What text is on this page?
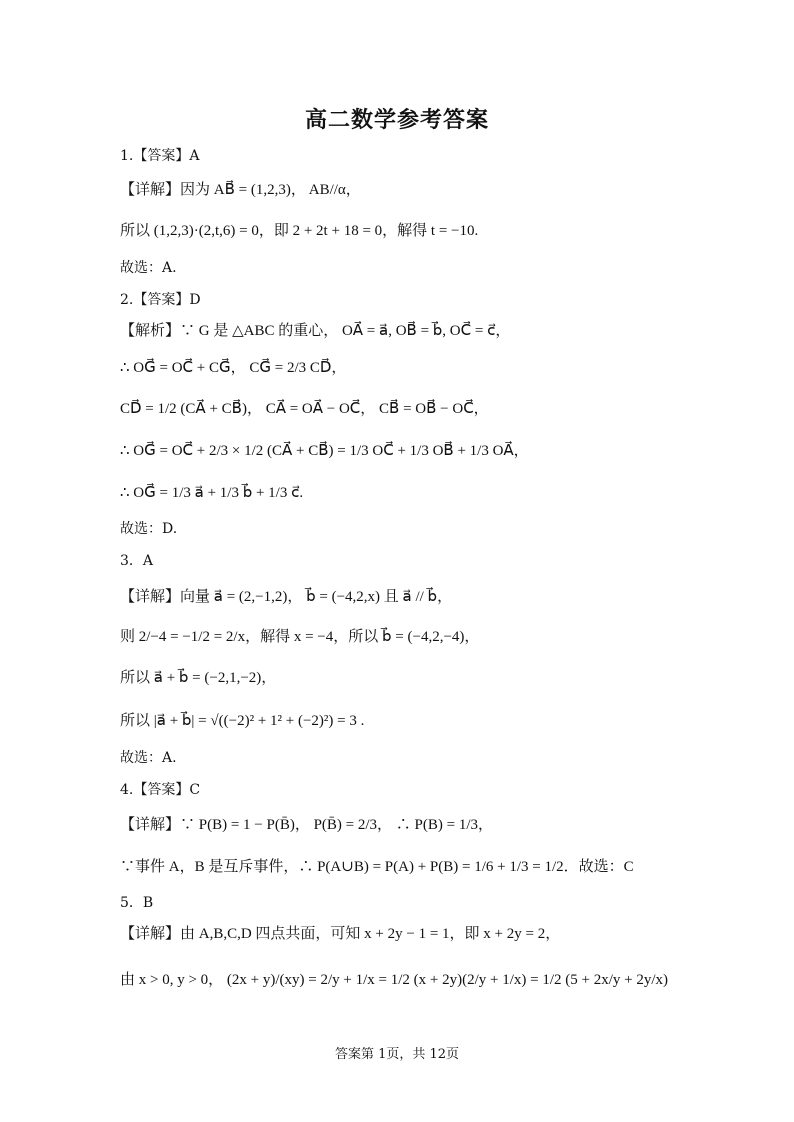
高二数学参考答案
1.【答案】A
【详解】因为 AB⃗ = (1,2,3)， AB//α，
所以 (1,2,3)·(2,t,6) = 0，即 2 + 2t + 18 = 0，解得 t = −10.
故选：A.
2.【答案】D
【解析】∵ G 是 △ABC 的重心， OA⃗ = a⃗, OB⃗ = b⃗, OC⃗ = c⃗，
∴ OG⃗ = OC⃗ + CG⃗， CG⃗ = 2/3 CD⃗，
CD⃗ = 1/2 (CA⃗ + CB⃗)， CA⃗ = OA⃗ − OC⃗， CB⃗ = OB⃗ − OC⃗，
∴ OG⃗ = OC⃗ + 2/3 × 1/2 (CA⃗ + CB⃗) = 1/3 OC⃗ + 1/3 OB⃗ + 1/3 OA⃗，
∴ OG⃗ = 1/3 a⃗ + 1/3 b⃗ + 1/3 c⃗.
故选：D.
3．A
【详解】向量 a⃗ = (2,−1,2)， b⃗ = (−4,2,x) 且 a⃗ // b⃗，
则 2/−4 = −1/2 = 2/x，解得 x = −4，所以 b⃗ = (−4,2,−4)，
所以 a⃗ + b⃗ = (−2,1,−2)，
所以 |a⃗ + b⃗| = √((−2)² + 1² + (−2)²) = 3 .
故选：A.
4.【答案】C
【详解】∵ P(B) = 1 − P(B̄)， P(B̄) = 2/3， ∴ P(B) = 1/3，
∵事件 A，B 是互斥事件，∴ P(A∪B) = P(A) + P(B) = 1/6 + 1/3 = 1/2．故选：C
5．B
【详解】由 A,B,C,D 四点共面，可知 x + 2y − 1 = 1，即 x + 2y = 2，
由 x > 0, y > 0， (2x + y)/(xy) = 2/y + 1/x = 1/2 (x + 2y)(2/y + 1/x) = 1/2 (5 + 2x/y + 2y/x)
答案第 1页，共 12页
